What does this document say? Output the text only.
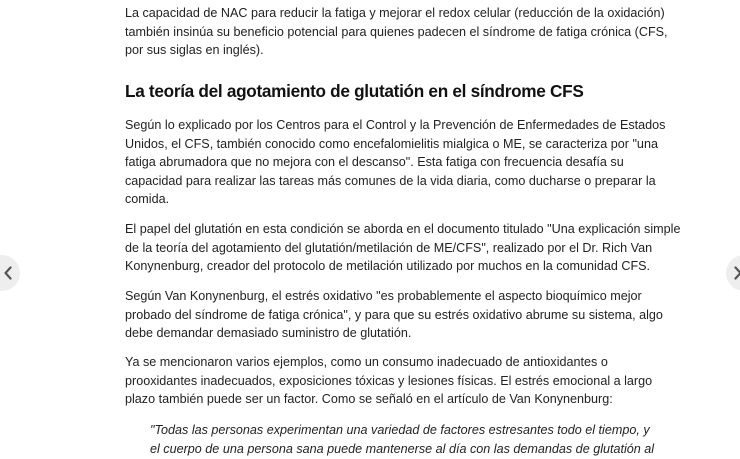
La capacidad de NAC para reducir la fatiga y mejorar el redox celular (reducción de la oxidación)
también insinúa su beneficio potencial para quienes padecen el síndrome de fatiga crónica (CFS,
por sus siglas en inglés).

La teoría del agotamiento de glutatión en el síndrome CFS

Según lo explicado por los Centros para el Control y la Prevención de Enfermedades de Estados
Unidos, el CFS, también conocido como encefalomielitis mialgica o ME, se caracteriza por "una
fatiga abrumadora que no mejora con el descanso". Esta fatiga con frecuencia desafía su
capacidad para realizar las tareas más comunes de la vida diaria, como ducharse o preparar la
comida.

El papel del glutatión en esta condición se aborda en el documento titulado "Una explicación simple
de la teoría del agotamiento del glutatión/metilación de ME/CFS", realizado por el Dr. Rich Van
Konynenburg, creador del protocolo de metilación utilizado por muchos en la comunidad CFS.

Según Van Konynenburg, el estrés oxidativo "es probablemente el aspecto bioquímico mejor
probado del síndrome de fatiga crónica", y para que su estrés oxidativo abrume su sistema, algo
debe demandar demasiado suministro de glutatión.

Ya se mencionaron varios ejemplos, como un consumo inadecuado de antioxidantes o
prooxidantes inadecuados, exposiciones tóxicas y lesiones físicas. El estrés emocional a largo
plazo también puede ser un factor. Como se señaló en el artículo de Van Konynenburg:

"Todas las personas experimentan una variedad de factores estresantes todo el tiempo, y
el cuerpo de una persona sana puede mantenerse al día con las demandas de glutatión al
